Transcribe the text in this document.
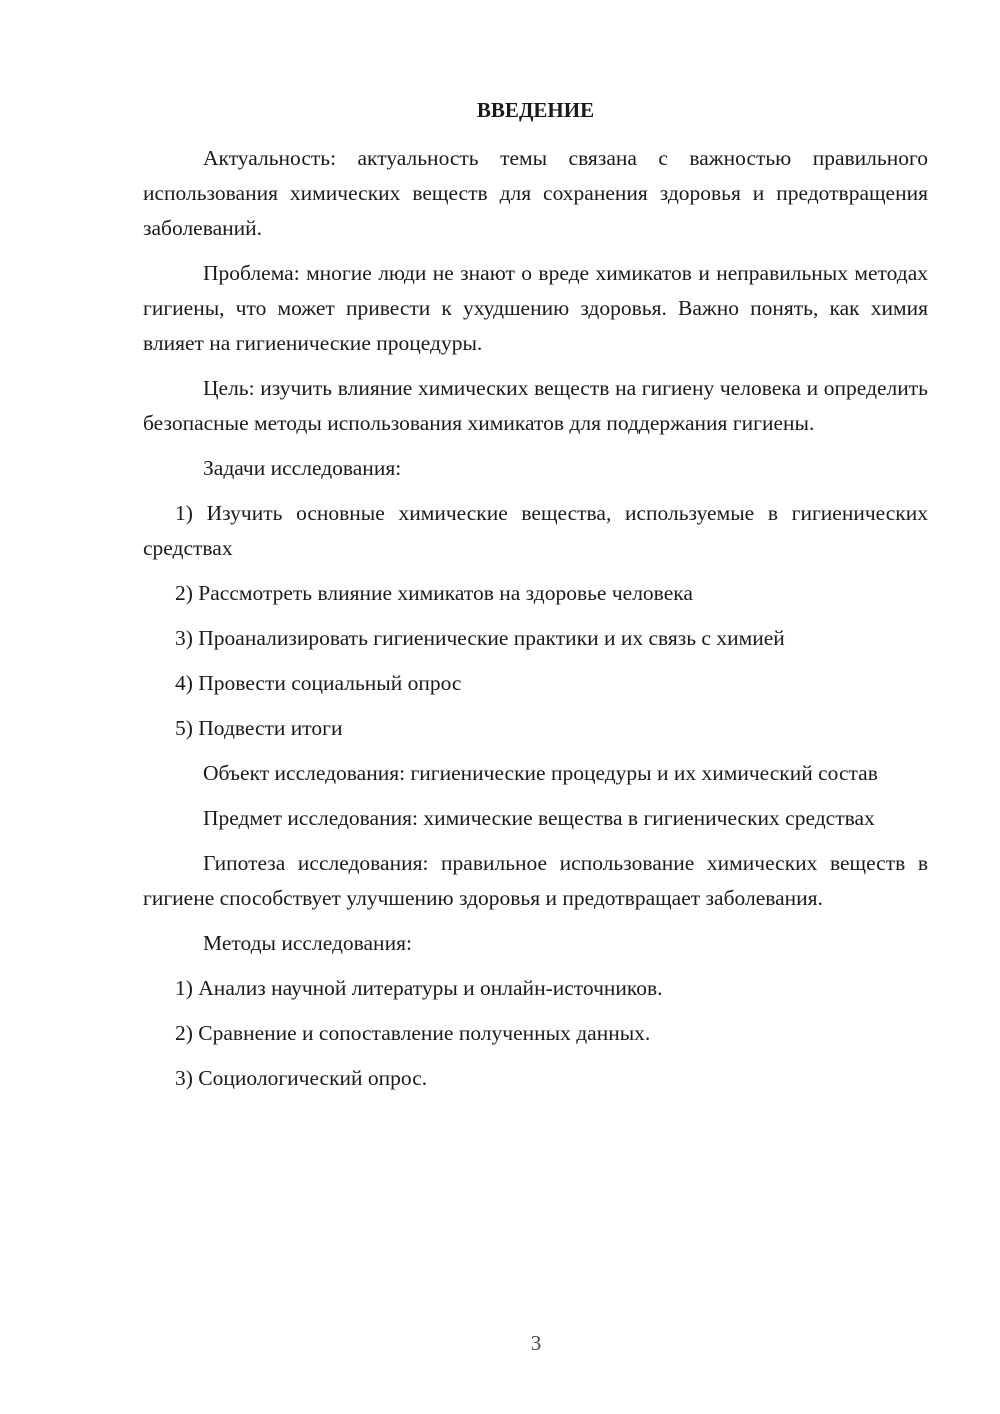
ВВЕДЕНИЕ

Актуальность: актуальность темы связана с важностью правильного использования химических веществ для сохранения здоровья и предотвращения заболеваний.

Проблема: многие люди не знают о вреде химикатов и неправильных методах гигиены, что может привести к ухудшению здоровья. Важно понять, как химия влияет на гигиенические процедуры.

Цель: изучить влияние химических веществ на гигиену человека и определить безопасные методы использования химикатов для поддержания гигиены.

Задачи исследования:

1) Изучить основные химические вещества, используемые в гигиенических средствах

2) Рассмотреть влияние химикатов на здоровье человека

3) Проанализировать гигиенические практики и их связь с химией

4) Провести социальный опрос

5) Подвести итоги

Объект исследования: гигиенические процедуры и их химический состав

Предмет исследования: химические вещества в гигиенических средствах

Гипотеза исследования: правильное использование химических веществ в гигиене способствует улучшению здоровья и предотвращает заболевания.

Методы исследования:

1) Анализ научной литературы и онлайн-источников.

2) Сравнение и сопоставление полученных данных.

3) Социологический опрос.

3
